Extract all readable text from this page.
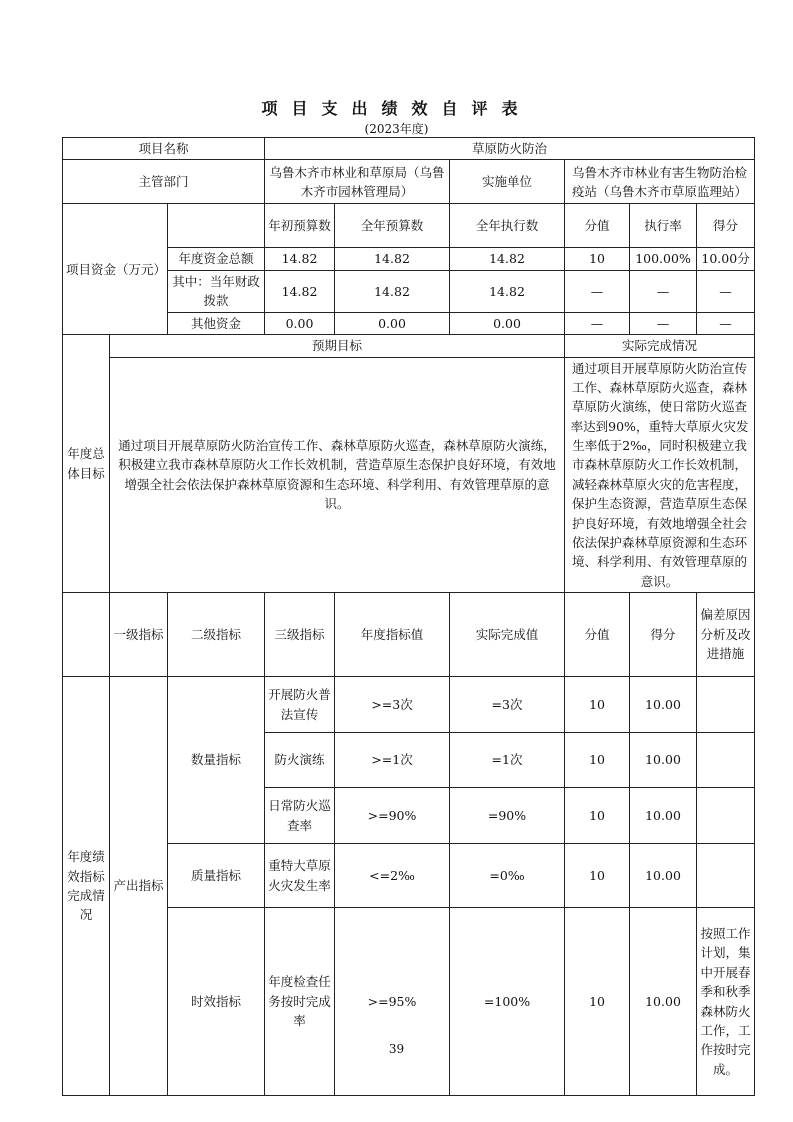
项目支出绩效自评表
(2023年度)
项目名称			草原防火防治					
主管部门			乌鲁木齐市林业和草原局（乌鲁木齐市园林管理局）		实施单位	乌鲁木齐市林业有害生物防治检疫站（乌鲁木齐市草原监理站）		
项目资金（万元）			年初预算数	全年预算数	全年执行数	分值	执行率	得分
		年度资金总额	14.82	14.82	14.82	10	100.00%	10.00分
		其中：当年财政拨款	14.82	14.82	14.82	—	—	—
		其他资金	0.00	0.00	0.00	—	—	—
年度总体目标	预期目标					实际完成情况		
	通过项目开展草原防火防治宣传工作、森林草原防火巡查，森林草原防火演练，积极建立我市森林草原防火工作长效机制，营造草原生态保护良好环境，有效地增强全社会依法保护森林草原资源和生态环境、科学利用、有效管理草原的意识。					通过项目开展草原防火防治宣传工作、森林草原防火巡查，森林草原防火演练，使日常防火巡查率达到90%，重特大草原火灾发生率低于2‰，同时积极建立我市森林草原防火工作长效机制，减轻森林草原火灾的危害程度，保护生态资源，营造草原生态保护良好环境，有效地增强全社会依法保护森林草原资源和生态环境、科学利用、有效管理草原的意识。		
	一级指标	二级指标	三级指标	年度指标值	实际完成值	分值	得分	偏差原因分析及改进措施
年度绩效指标完成情况	产出指标	数量指标	开展防火普法宣传	>=3次	=3次	10	10.00	
			防火演练	>=1次	=1次	10	10.00	
			日常防火巡查率	>=90%	=90%	10	10.00	
		质量指标	重特大草原火灾发生率	<=2‰	=0‰	10	10.00	
		时效指标	年度检查任务按时完成率	>=95%	=100%	10	10.00	按照工作计划，集中开展春季和秋季森林防火工作，工作按时完成。
39
